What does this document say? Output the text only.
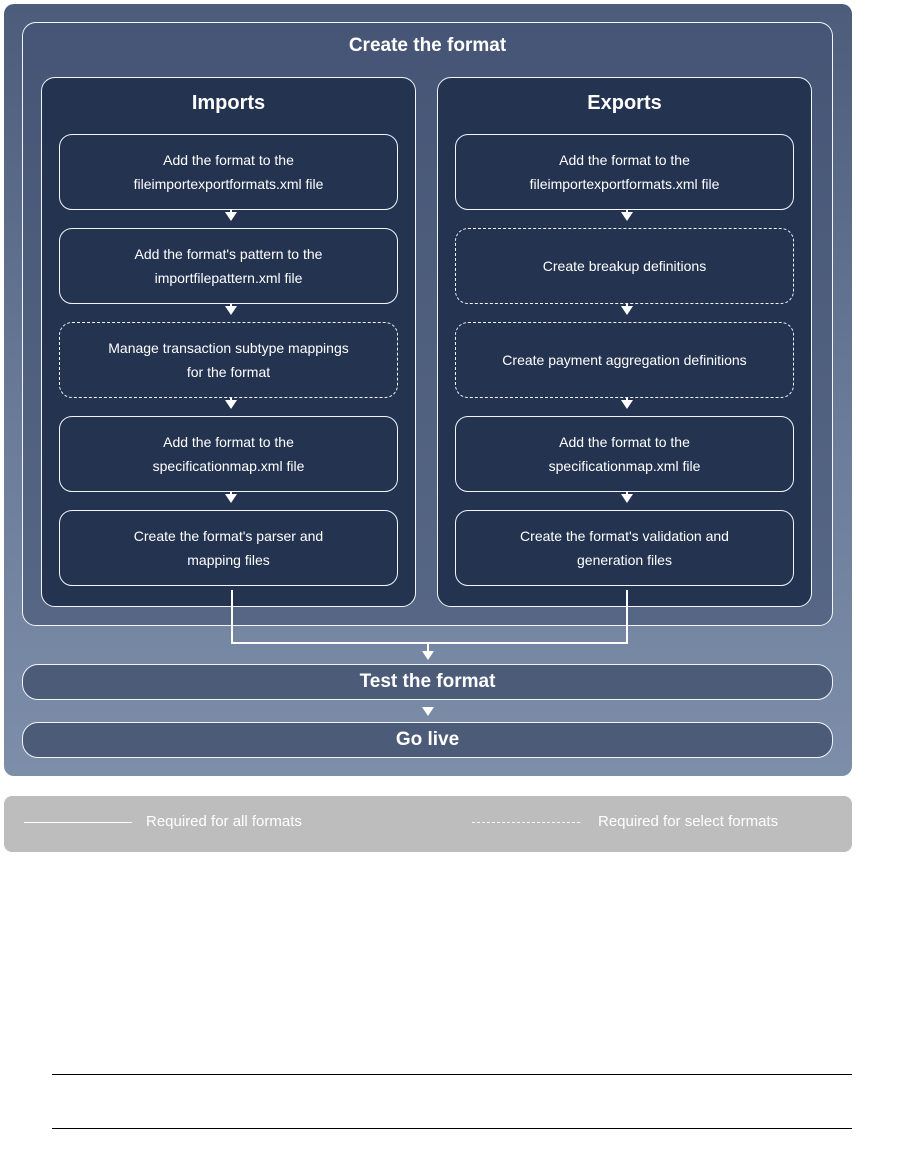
Create the format
Imports
Add the format to the
fileimportexportformats.xml file
Add the format's pattern to the
importfilepattern.xml file
Manage transaction subtype mappings
for the format
Add the format to the
specificationmap.xml file
Create the format's parser and
mapping files
Exports
Add the format to the
fileimportexportformats.xml file
Create breakup definitions
Create payment aggregation definitions
Add the format to the
specificationmap.xml file
Create the format's validation and
generation files
Test the format
Go live
Required for all formats	Required for select formats
